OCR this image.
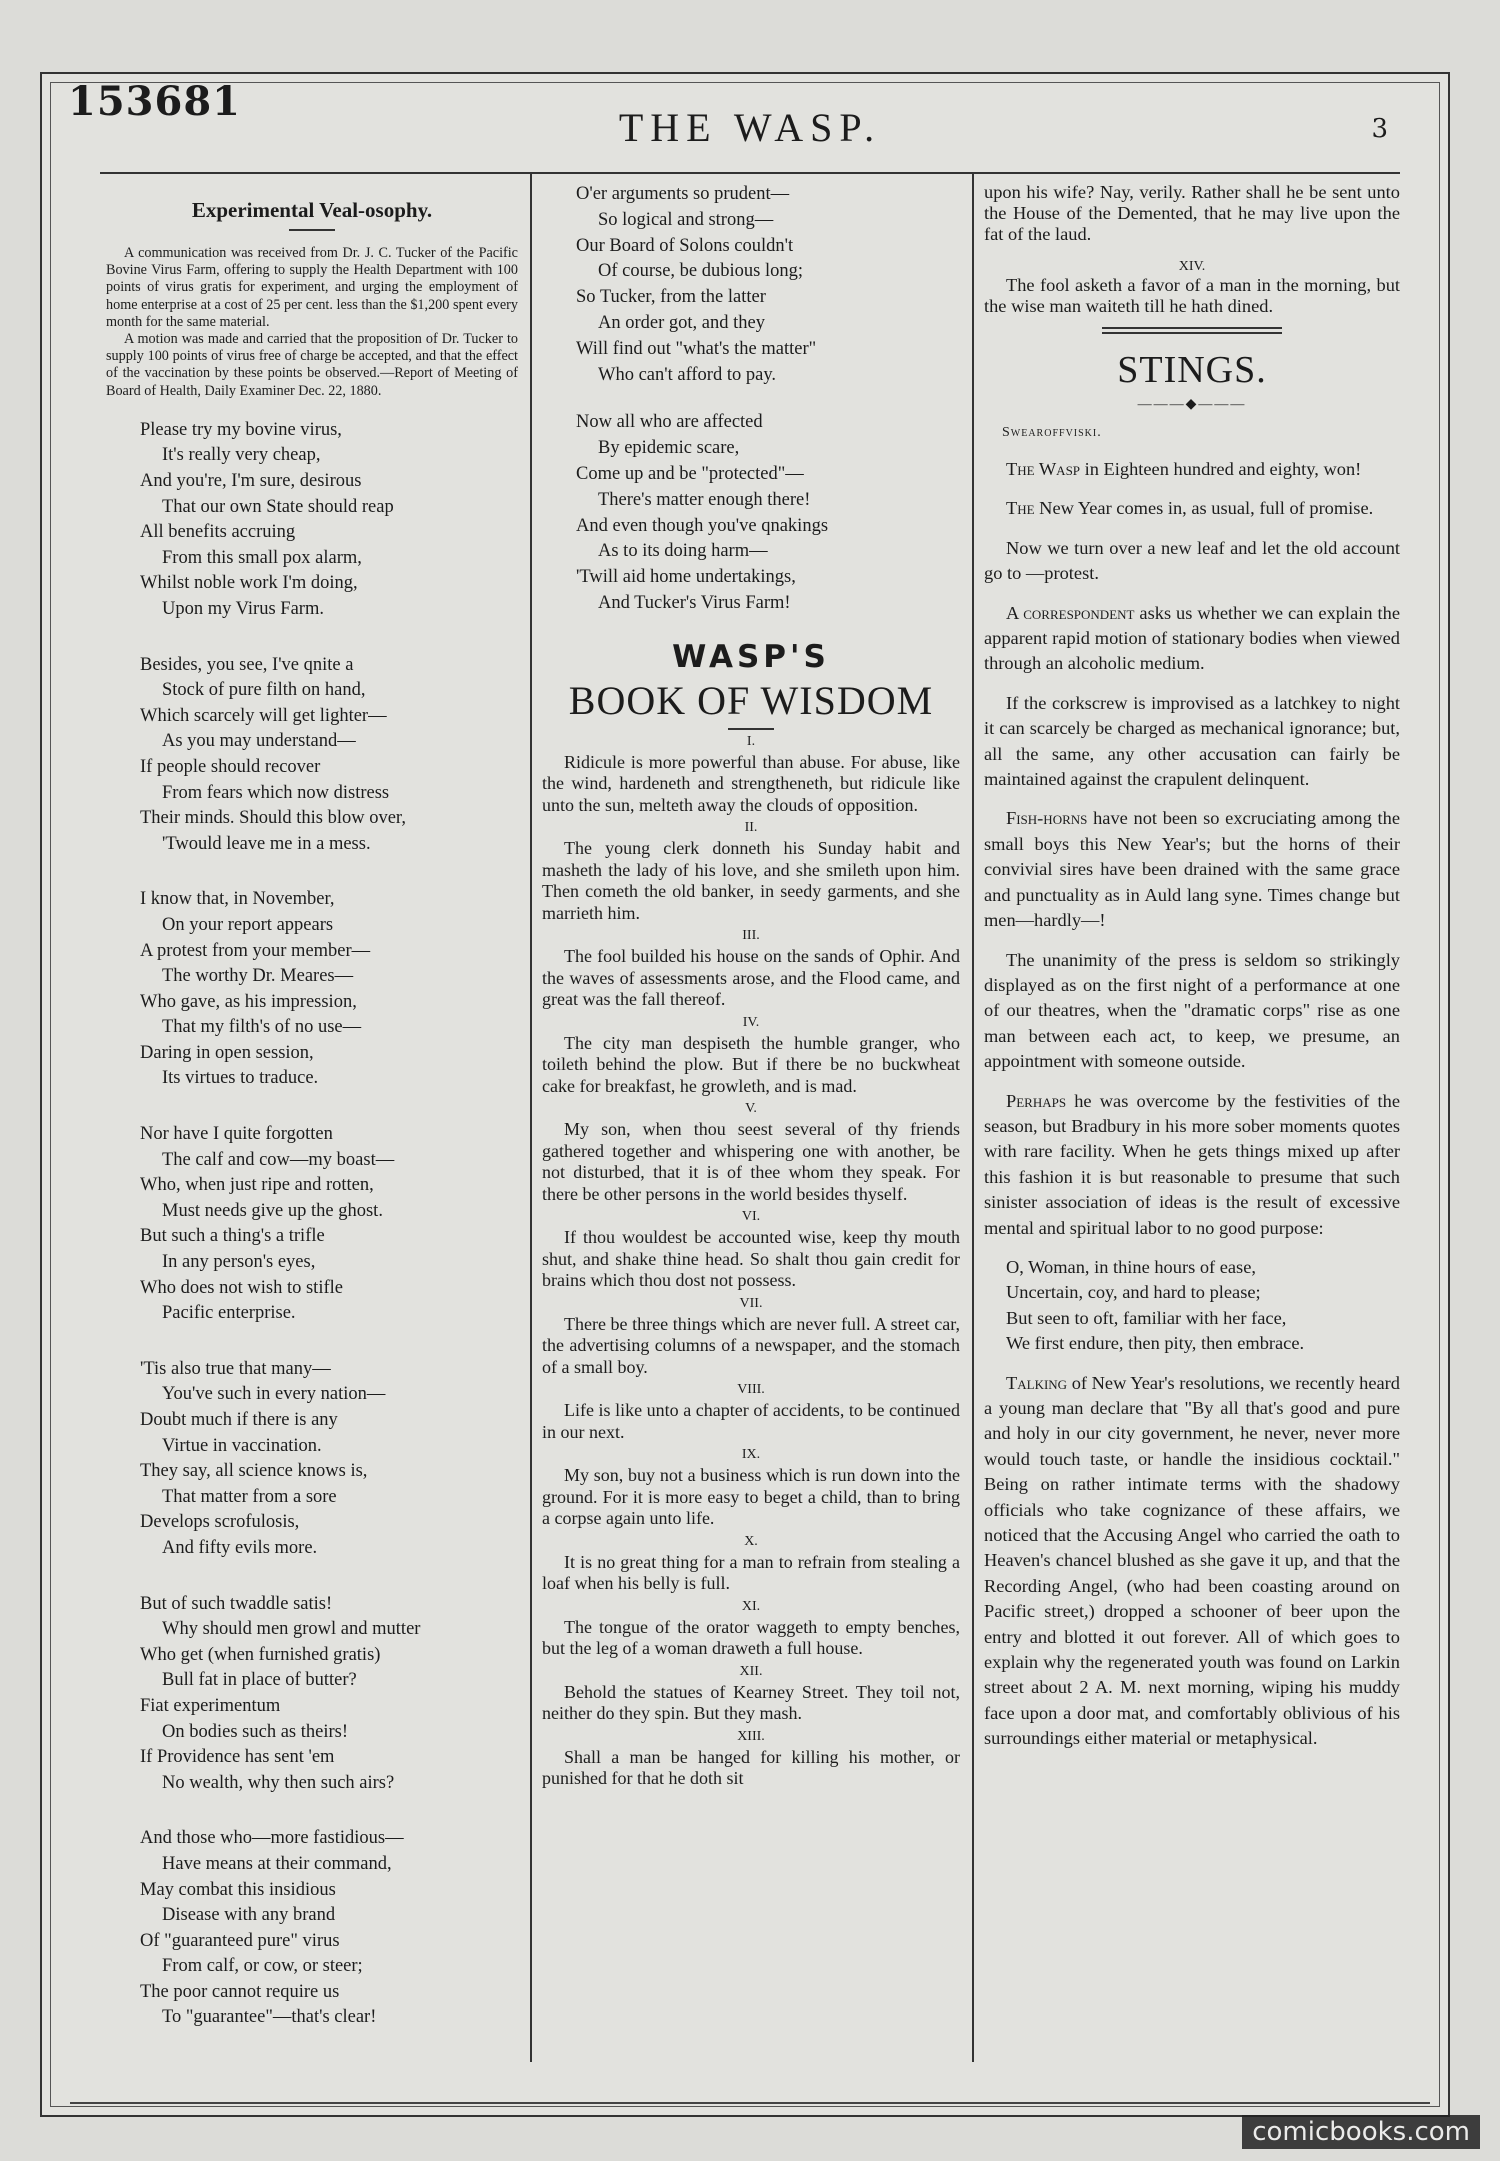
153681
THE WASP.	3
Experimental Veal-osophy.

A communication was received from Dr. J. C. Tucker of the Pacific Bovine Virus Farm, offering to supply the Health Department with 100 points of virus gratis for experiment, and urging the employment of home enterprise at a cost of 25 per cent. less than the $1,200 spent every month for the same material.

A motion was made and carried that the proposition of Dr. Tucker to supply 100 points of virus free of charge be accepted, and that the effect of the vaccination by these points be observed.—Report of Meeting of Board of Health, Daily Examiner Dec. 22, 1880.

Please try my bovine virus,
It's really very cheap,
And you're, I'm sure, desirous
That our own State should reap
All benefits accruing
From this small pox alarm,
Whilst noble work I'm doing,
Upon my Virus Farm.
Besides, you see, I've qnite a
Stock of pure filth on hand,
Which scarcely will get lighter—
As you may understand—
If people should recover
From fears which now distress
Their minds. Should this blow over,
'Twould leave me in a mess.
I know that, in November,
On your report appears
A protest from your member—
The worthy Dr. Meares—
Who gave, as his impression,
That my filth's of no use—
Daring in open session,
Its virtues to traduce.
Nor have I quite forgotten
The calf and cow—my boast—
Who, when just ripe and rotten,
Must needs give up the ghost.
But such a thing's a trifle
In any person's eyes,
Who does not wish to stifle
Pacific enterprise.
'Tis also true that many—
You've such in every nation—
Doubt much if there is any
Virtue in vaccination.
They say, all science knows is,
That matter from a sore
Develops scrofulosis,
And fifty evils more.
But of such twaddle satis!
Why should men growl and mutter
Who get (when furnished gratis)
Bull fat in place of butter?
Fiat experimentum
On bodies such as theirs!
If Providence has sent 'em
No wealth, why then such airs?
And those who—more fastidious—
Have means at their command,
May combat this insidious
Disease with any brand
Of "guaranteed pure" virus
From calf, or cow, or steer;
The poor cannot require us
To "guarantee"—that's clear!
O'er arguments so prudent—
So logical and strong—
Our Board of Solons couldn't
Of course, be dubious long;
So Tucker, from the latter
An order got, and they
Will find out "what's the matter"
Who can't afford to pay.
Now all who are affected
By epidemic scare,
Come up and be "protected"—
There's matter enough there!
And even though you've qnakings
As to its doing harm—
'Twill aid home undertakings,
And Tucker's Virus Farm!
WASP'S
BOOK OF WISDOM
I.
Ridicule is more powerful than abuse. For abuse, like the wind, hardeneth and strengtheneth, but ridicule like unto the sun, melteth away the clouds of opposition.
II.
The young clerk donneth his Sunday habit and masheth the lady of his love, and she smileth upon him. Then cometh the old banker, in seedy garments, and she marrieth him.
III.
The fool builded his house on the sands of Ophir. And the waves of assessments arose, and the Flood came, and great was the fall thereof.
IV.
The city man despiseth the humble granger, who toileth behind the plow. But if there be no buckwheat cake for breakfast, he growleth, and is mad.
V.
My son, when thou seest several of thy friends gathered together and whispering one with another, be not disturbed, that it is of thee whom they speak. For there be other persons in the world besides thyself.
VI.
If thou wouldest be accounted wise, keep thy mouth shut, and shake thine head. So shalt thou gain credit for brains which thou dost not possess.
VII.
There be three things which are never full. A street car, the advertising columns of a newspaper, and the stomach of a small boy.
VIII.
Life is like unto a chapter of accidents, to be continued in our next.
IX.
My son, buy not a business which is run down into the ground. For it is more easy to beget a child, than to bring a corpse again unto life.
X.
It is no great thing for a man to refrain from stealing a loaf when his belly is full.
XI.
The tongue of the orator waggeth to empty benches, but the leg of a woman draweth a full house.
XII.
Behold the statues of Kearney Street. They toil not, neither do they spin. But they mash.
XIII.
Shall a man be hanged for killing his mother, or punished for that he doth sit

upon his wife? Nay, verily. Rather shall he be sent unto the House of the Demented, that he may live upon the fat of the laud.

XIV.

The fool asketh a favor of a man in the morning, but the wise man waiteth till he hath dined.

STINGS.
———◆———
Swearoffviski.

The Wasp in Eighteen hundred and eighty, won!

The New Year comes in, as usual, full of promise.

Now we turn over a new leaf and let the old account go to —protest.

A correspondent asks us whether we can explain the apparent rapid motion of stationary bodies when viewed through an alcoholic medium.

If the corkscrew is improvised as a latchkey to night it can scarcely be charged as mechanical ignorance; but, all the same, any other accusation can fairly be maintained against the crapulent delinquent.

Fish-horns have not been so excruciating among the small boys this New Year's; but the horns of their convivial sires have been drained with the same grace and punctuality as in Auld lang syne. Times change but men—hardly—!

The unanimity of the press is seldom so strikingly displayed as on the first night of a performance at one of our theatres, when the "dramatic corps" rise as one man between each act, to keep, we presume, an appointment with someone outside.

Perhaps he was overcome by the festivities of the season, but Bradbury in his more sober moments quotes with rare facility. When he gets things mixed up after this fashion it is but reasonable to presume that such sinister association of ideas is the result of excessive mental and spiritual labor to no good purpose:

O, Woman, in thine hours of ease,

Uncertain, coy, and hard to please;

But seen to oft, familiar with her face,

We first endure, then pity, then embrace.

Talking of New Year's resolutions, we recently heard a young man declare that "By all that's good and pure and holy in our city government, he never, never more would touch taste, or handle the insidious cocktail." Being on rather intimate terms with the shadowy officials who take cognizance of these affairs, we noticed that the Accusing Angel who carried the oath to Heaven's chancel blushed as she gave it up, and that the Recording Angel, (who had been coasting around on Pacific street,) dropped a schooner of beer upon the entry and blotted it out forever. All of which goes to explain why the regenerated youth was found on Larkin street about 2 A. M. next morning, wiping his muddy face upon a door mat, and comfortably oblivious of his surroundings either material or metaphysical.

comicbooks.com
